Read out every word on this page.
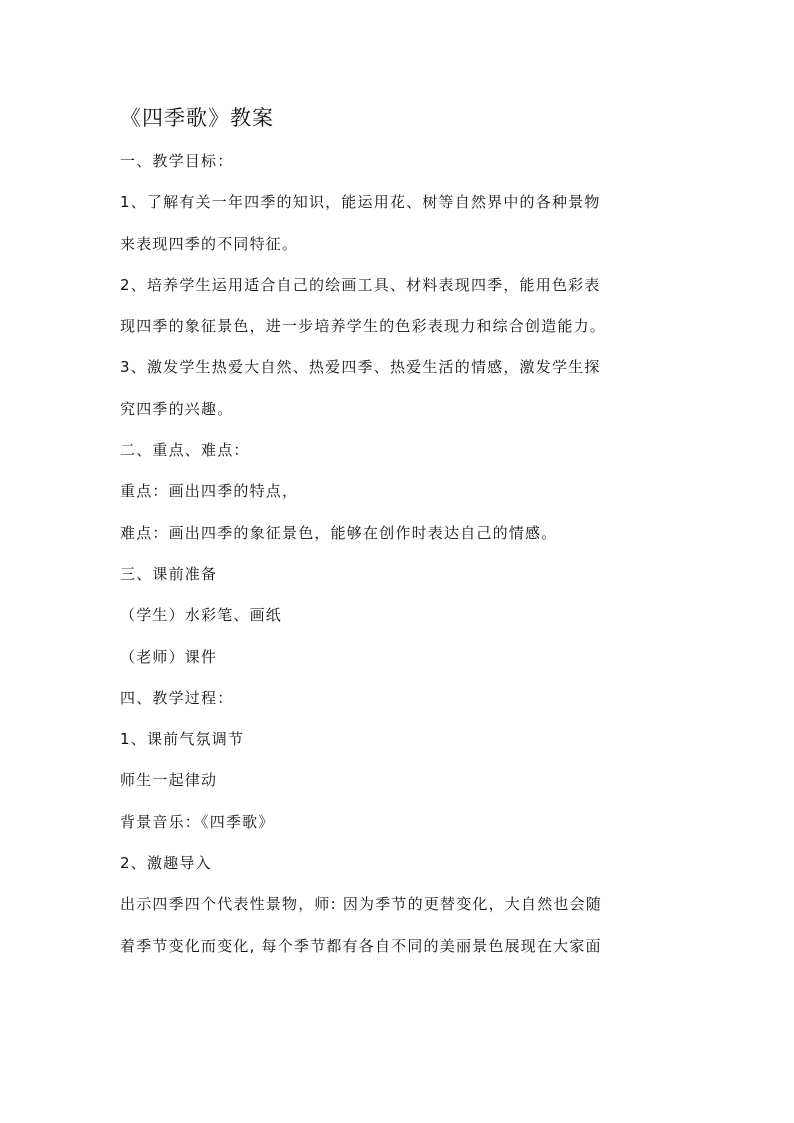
《四季歌》教案

一、教学目标：

1、了解有关一年四季的知识，能运用花、树等自然界中的各种景物

来表现四季的不同特征。

2、培养学生运用适合自己的绘画工具、材料表现四季，能用色彩表

现四季的象征景色，进一步培养学生的色彩表现力和综合创造能力。

3、激发学生热爱大自然、热爱四季、热爱生活的情感，激发学生探

究四季的兴趣。

二、重点、难点：

重点：画出四季的特点，

难点：画出四季的象征景色，能够在创作时表达自己的情感。

三、课前准备

（学生）水彩笔、画纸

（老师）课件

四、教学过程：

1、课前气氛调节

师生一起律动

背景音乐：《四季歌》

2、激趣导入

出示四季四个代表性景物，师: 因为季节的更替变化，大自然也会随

着季节变化而变化, 每个季节都有各自不同的美丽景色展现在大家面
